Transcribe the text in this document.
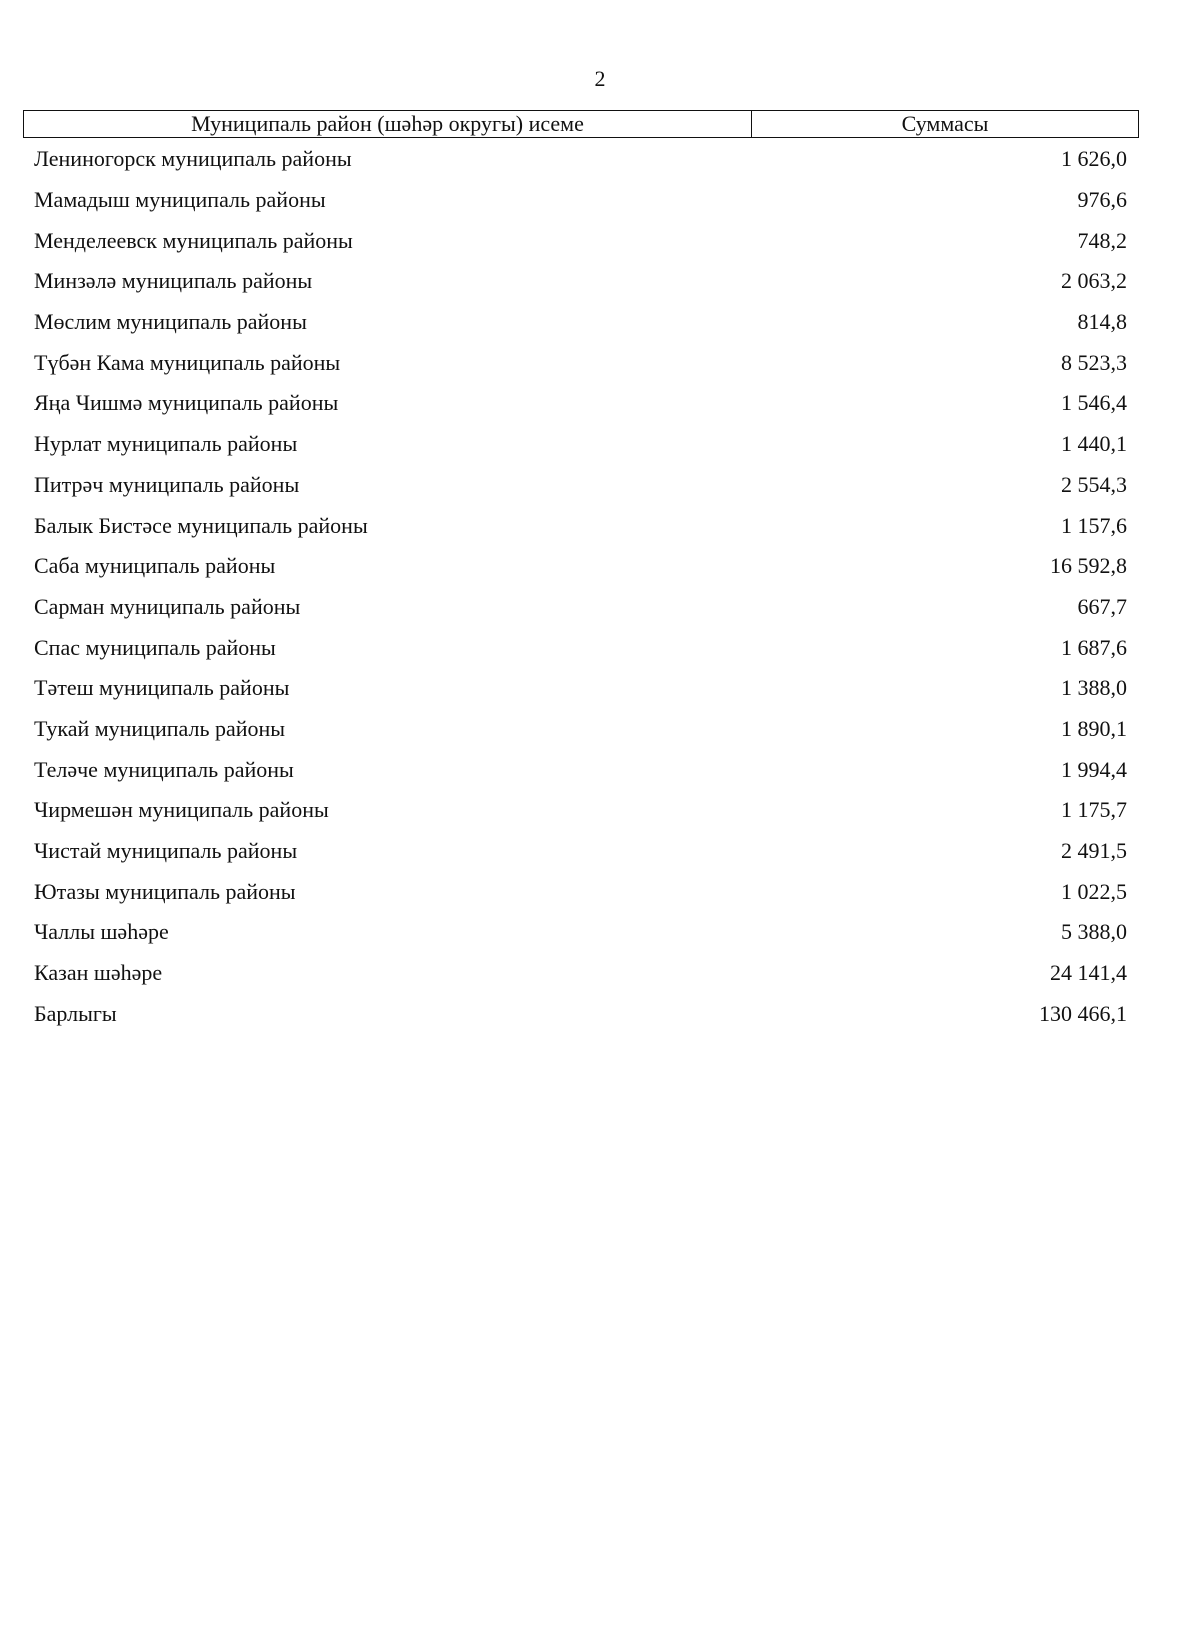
2
Муниципаль район (шәһәр округы) исеме	Суммасы
Лениногорск муниципаль районы	1 626,0
Мамадыш муниципаль районы	976,6
Менделеевск муниципаль районы	748,2
Минзәлә муниципаль районы	2 063,2
Мөслим муниципаль районы	814,8
Түбән Кама муниципаль районы	8 523,3
Яңа Чишмә муниципаль районы	1 546,4
Нурлат муниципаль районы	1 440,1
Питрәч муниципаль районы	2 554,3
Балык Бистәсе муниципаль районы	1 157,6
Саба муниципаль районы	16 592,8
Сарман муниципаль районы	667,7
Спас муниципаль районы	1 687,6
Тәтеш муниципаль районы	1 388,0
Тукай муниципаль районы	1 890,1
Теләче муниципаль районы	1 994,4
Чирмешән муниципаль районы	1 175,7
Чистай муниципаль районы	2 491,5
Ютазы муниципаль районы	1 022,5
Чаллы шәһәре	5 388,0
Казан шәһәре	24 141,4
Барлыгы	130 466,1
